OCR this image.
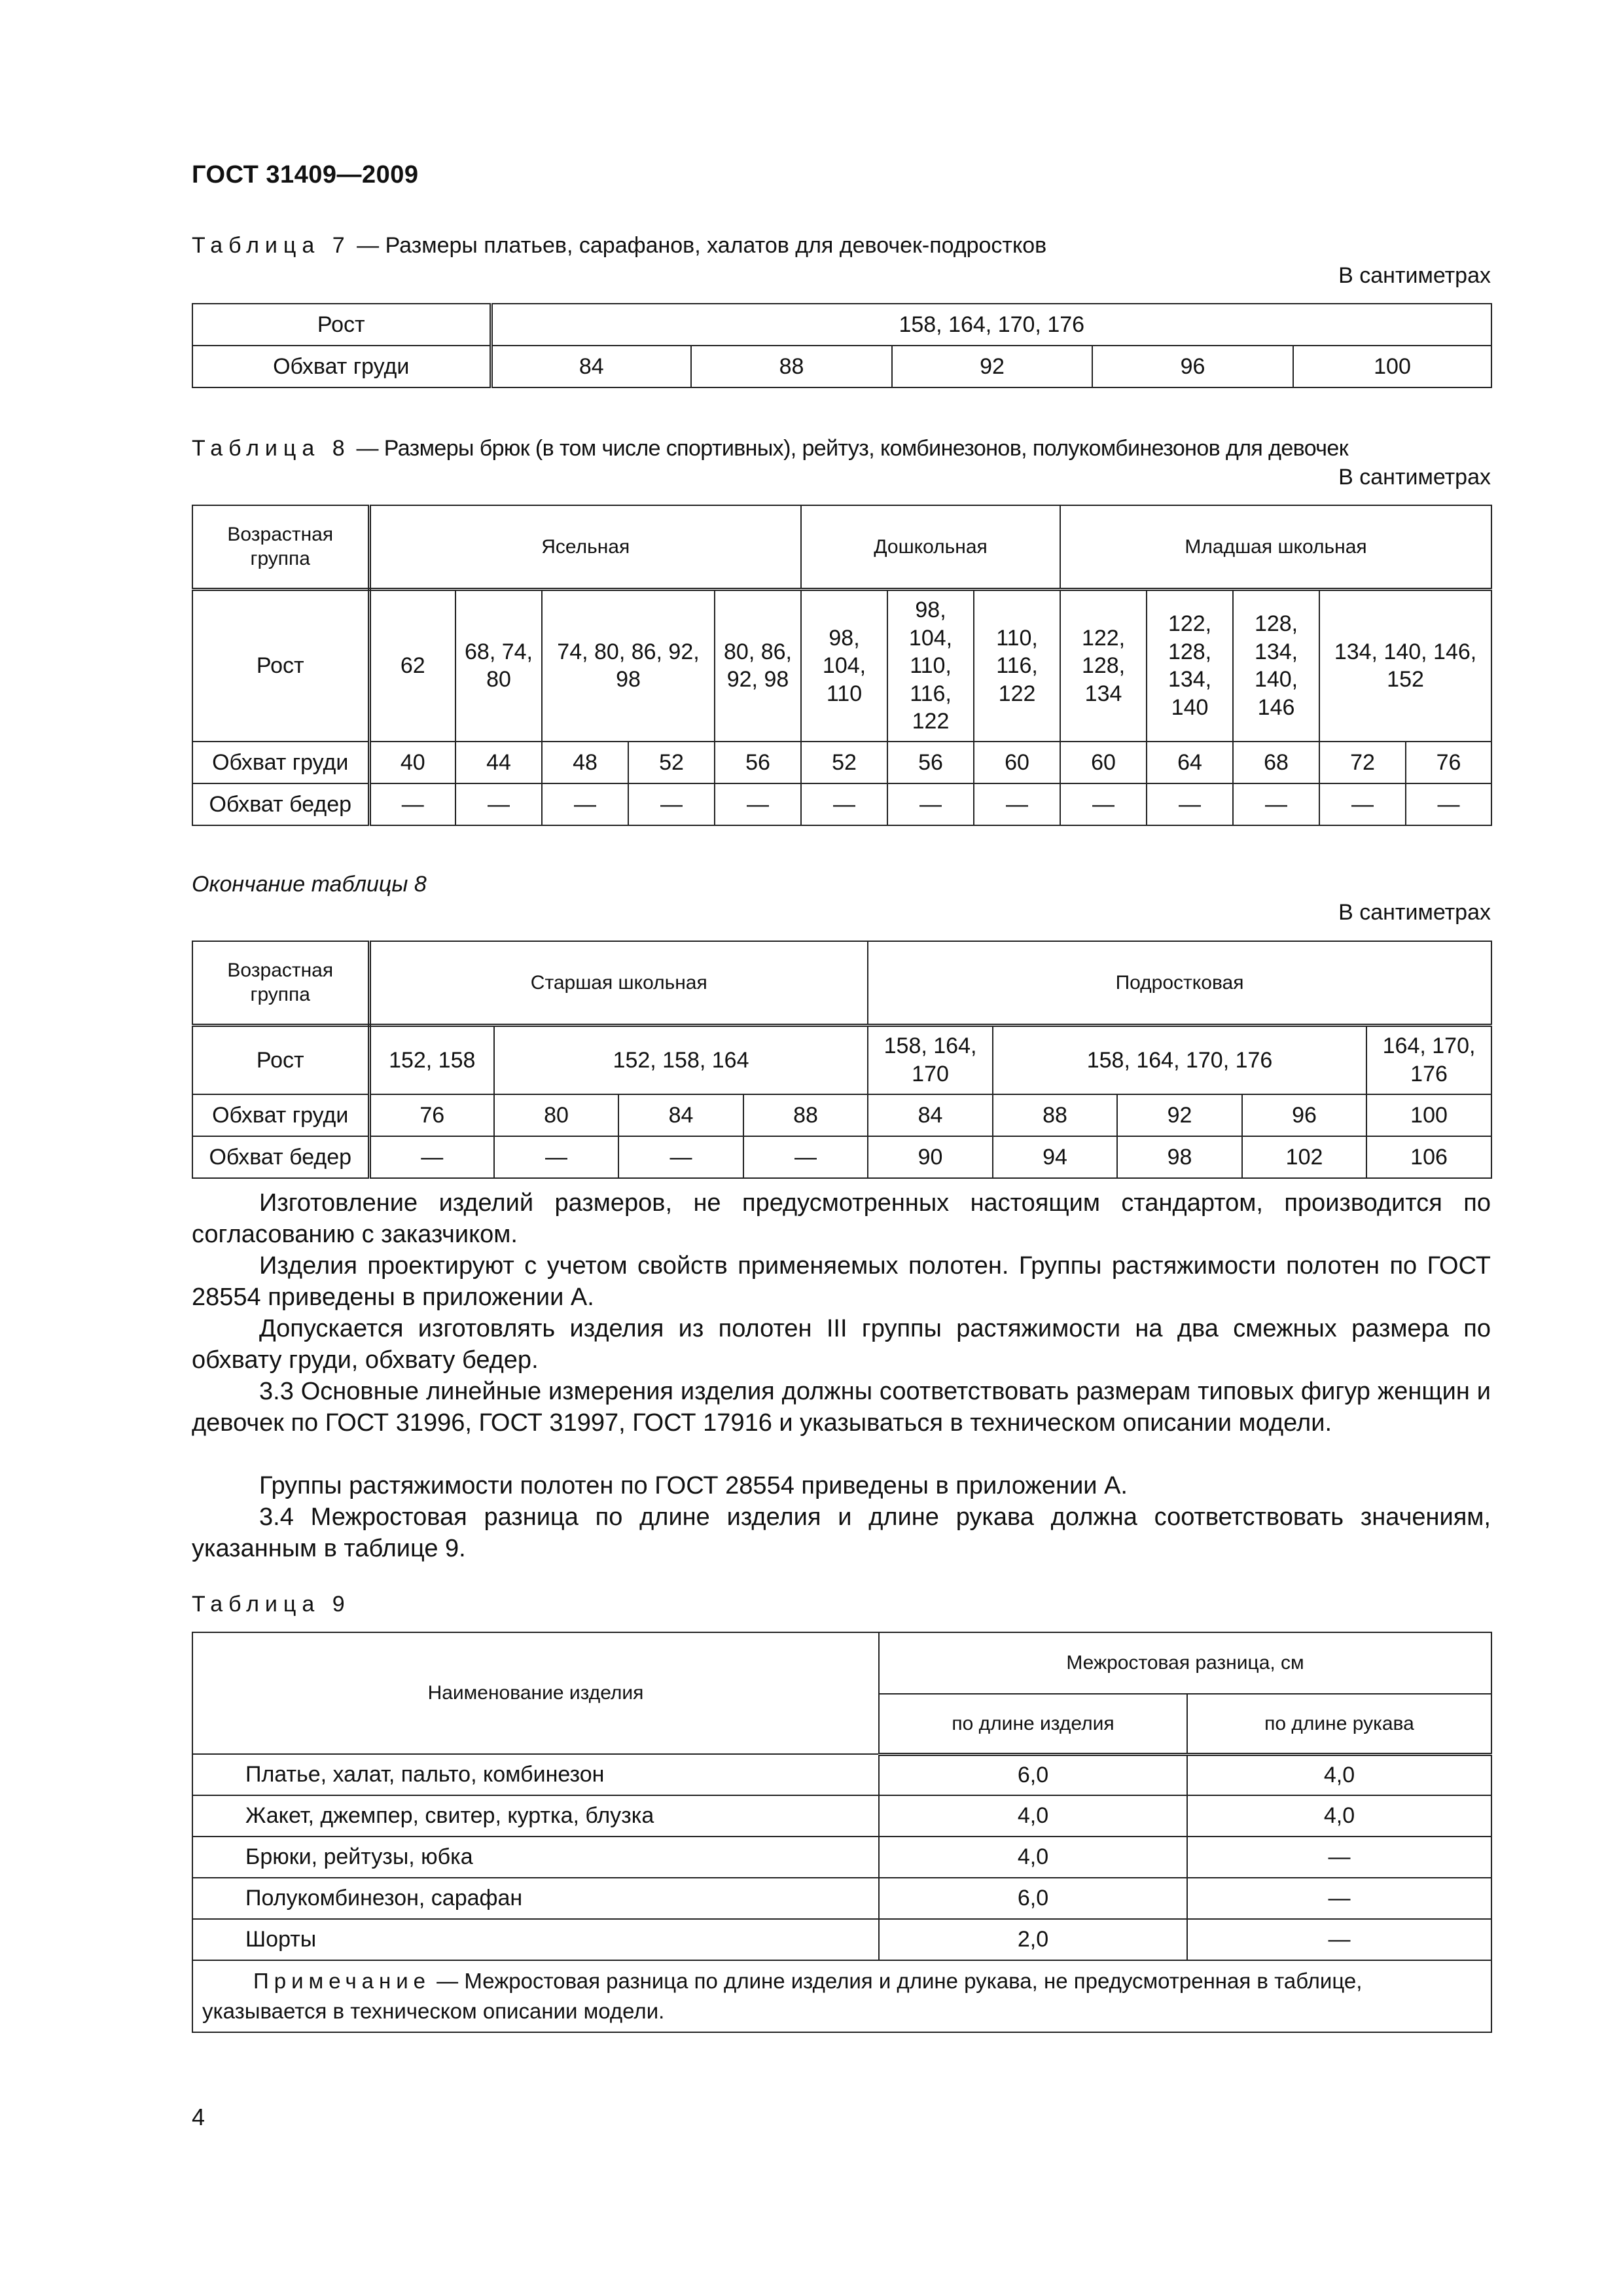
ГОСТ 31409—2009
Таблица 7 — Размеры платьев, сарафанов, халатов для девочек-подростков
В сантиметрах
Рост	158, 164, 170, 176				
Обхват груди	84	88	92	96	100
Таблица 8 — Размеры брюк (в том числе спортивных), рейтуз, комбинезонов, полукомбинезонов для девочек
В сантиметрах
Возрастная группа	Ясельная					Дошкольная			Младшая школьная				
Рост	62	68, 74, 80	74, 80, 86, 92, 98		80, 86, 92, 98	98, 104, 110	98, 104, 110, 116, 122	110, 116, 122	122, 128, 134	122, 128, 134, 140	128, 134, 140, 146	134, 140, 146, 152	
Обхват груди	40	44	48	52	56	52	56	60	60	64	68	72	76
Обхват бедер	—	—	—	—	—	—	—	—	—	—	—	—	—
Окончание таблицы 8
В сантиметрах
Возрастная группа	Старшая школьная				Подростковая				
Рост	152, 158	152, 158, 164			158, 164, 170	158, 164, 170, 176			164, 170, 176
Обхват груди	76	80	84	88	84	88	92	96	100
Обхват бедер	—	—	—	—	90	94	98	102	106
Изготовление изделий размеров, не предусмотренных настоящим стандартом, производится по согласованию с заказчиком.
Изделия проектируют с учетом свойств применяемых полотен. Группы растяжимости полотен по ГОСТ 28554 приведены в приложении А.
Допускается изготовлять изделия из полотен III группы растяжимости на два смежных размера по обхвату груди, обхвату бедер.
3.3 Основные линейные измерения изделия должны соответствовать размерам типовых фигур женщин и девочек по ГОСТ 31996, ГОСТ 31997, ГОСТ 17916 и указываться в техническом описании модели.
Группы растяжимости полотен по ГОСТ 28554 приведены в приложении А.
3.4 Межростовая разница по длине изделия и длине рукава должна соответствовать значениям, указанным в таблице 9.
Таблица 9
Наименование изделия	Межростовая разница, см	
	по длине изделия	по длине рукава
Платье, халат, пальто, комбинезон	6,0	4,0
Жакет, джемпер, свитер, куртка, блузка	4,0	4,0
Брюки, рейтузы, юбка	4,0	—
Полукомбинезон, сарафан	6,0	—
Шорты	2,0	—
Примечание — Межростовая разница по длине изделия и длине рукава, не предусмотренная в таблице, указывается в техническом описании модели.		
4
